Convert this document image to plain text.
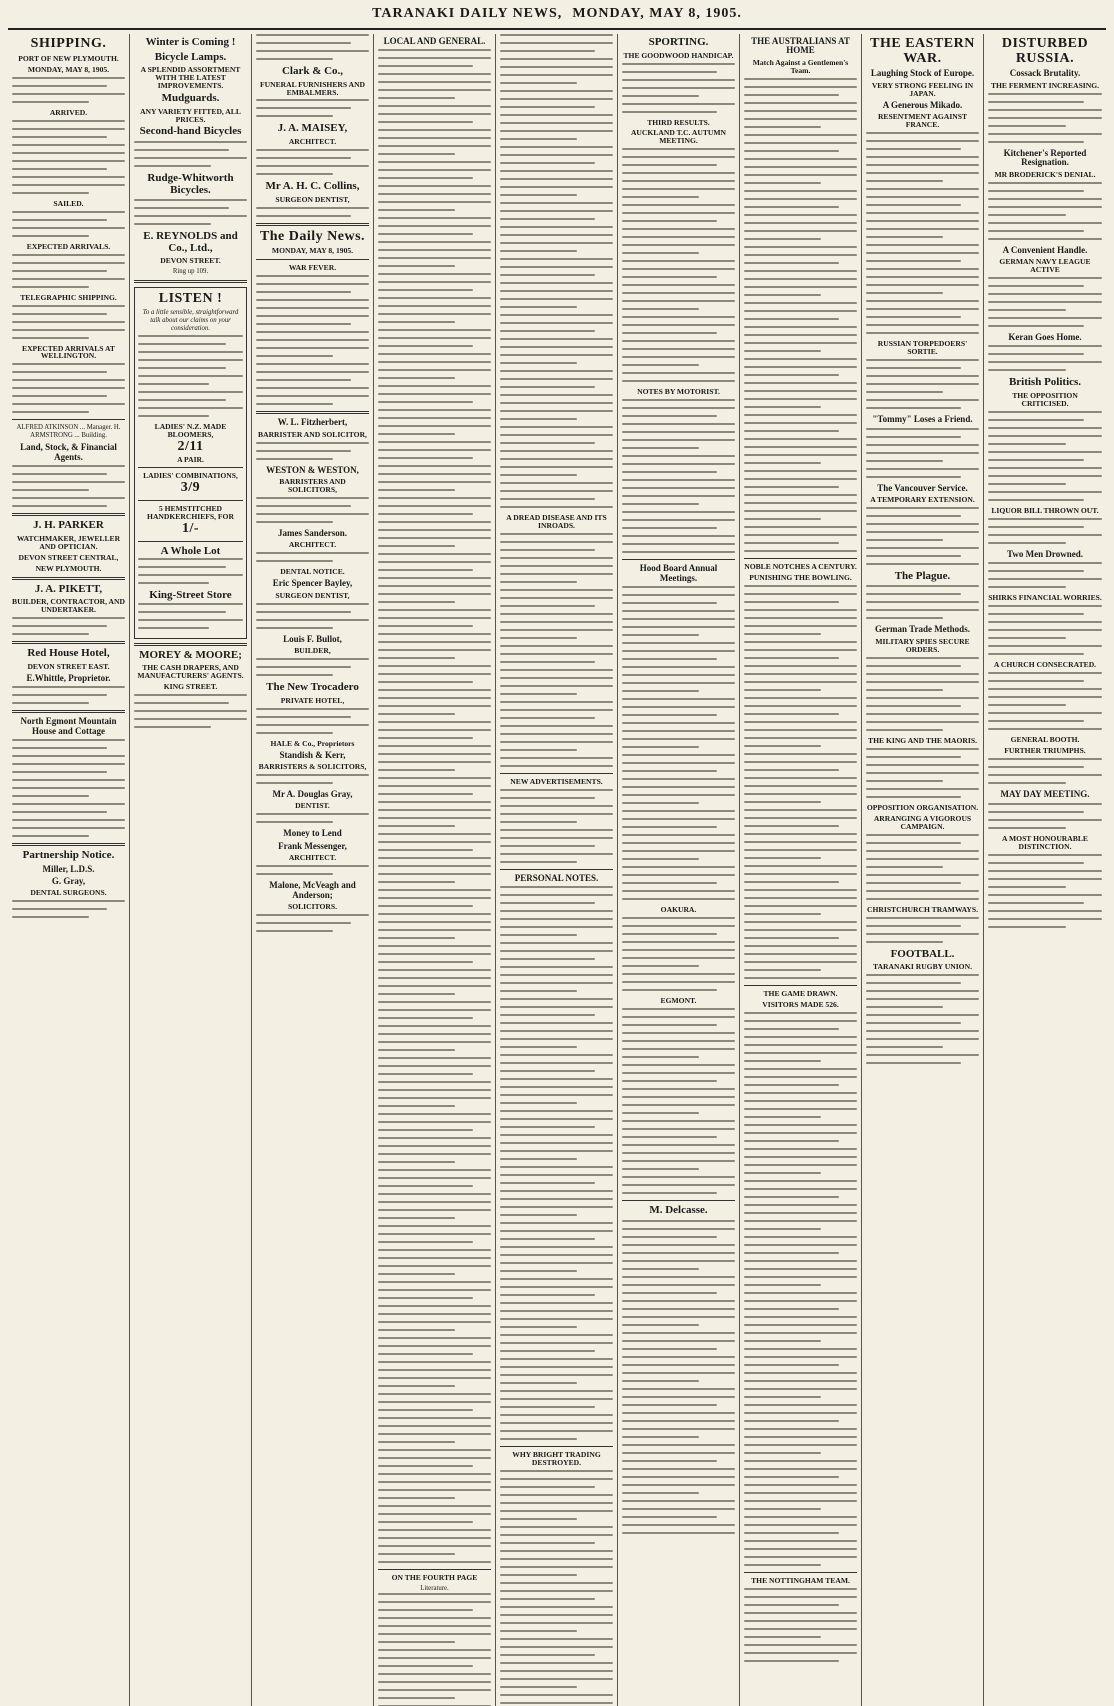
TARANAKI DAILY NEWS, MONDAY, MAY 8, 1905.
SHIPPING.
PORT OF NEW PLYMOUTH.
MONDAY, MAY 8, 1905.
ARRIVED.
SAILED.
EXPECTED ARRIVALS.
TELEGRAPHIC SHIPPING.
EXPECTED ARRIVALS AT WELLINGTON.
ALFRED ATKINSON ... Manager. H. ARMSTRONG ... Building.
Land, Stock, & Financial Agents.
J. H. PARKER
WATCHMAKER, JEWELLER AND OPTICIAN.
DEVON STREET CENTRAL,
NEW PLYMOUTH.
J. A. PIKETT,
BUILDER, CONTRACTOR, AND UNDERTAKER.
Red House Hotel,
DEVON STREET EAST.
E.Whittle, Proprietor.
North Egmont Mountain House and Cottage
Partnership Notice.
Miller, L.D.S.
G. Gray,
DENTAL SURGEONS.
Winter is Coming !
Bicycle Lamps.
A SPLENDID ASSORTMENT WITH THE LATEST IMPROVEMENTS.
Mudguards.
ANY VARIETY FITTED, ALL PRICES.
Second-hand Bicycles
Rudge-Whitworth Bicycles.
E. REYNOLDS and Co., Ltd.,
DEVON STREET.
Ring up 109.
LISTEN !
To a little sensible, straightforward talk about our claims on your consideration.
LADIES' N.Z. MADE BLOOMERS,
2/11
A PAIR.
LADIES' COMBINATIONS,
3/9
5 HEMSTITCHED HANDKERCHIEFS, FOR
1/-
A Whole Lot
King-Street Store
MOREY & MOORE;
THE CASH DRAPERS, AND MANUFACTURERS' AGENTS.
KING STREET.
Clark & Co.,
FUNERAL FURNISHERS AND EMBALMERS.
J. A. MAISEY,
ARCHITECT.
Mr A. H. C. Collins,
SURGEON DENTIST,
The Daily News.
MONDAY, MAY 8, 1905.
WAR FEVER.
W. L. Fitzherbert,
BARRISTER AND SOLICITOR,
WESTON & WESTON,
BARRISTERS AND SOLICITORS,
James Sanderson.
ARCHITECT.
DENTAL NOTICE.
Eric Spencer Bayley,
SURGEON DENTIST,
Louis F. Bullot,
BUILDER,
The New Trocadero
PRIVATE HOTEL,
HALE & Co., Proprietors
Standish & Kerr,
BARRISTERS & SOLICITORS,
Mr A. Douglas Gray,
DENTIST.
Money to Lend
Frank Messenger,
ARCHITECT.
Malone, McVeagh and Anderson;
SOLICITORS.
LOCAL AND GENERAL.
ON THE FOURTH PAGE
Literature.
A DREAD DISEASE AND ITS INROADS.
NEW ADVERTISEMENTS.
PERSONAL NOTES.
WHY BRIGHT TRADING DESTROYED.
SPORTING.
THE GOODWOOD HANDICAP.
THIRD RESULTS.
AUCKLAND T.C. AUTUMN MEETING.
NOTES BY MOTORIST.
Hood Board Annual Meetings.
OAKURA.
EGMONT.
M. Delcasse.
THE AUSTRALIANS AT HOME
Match Against a Gentlemen's Team.
NOBLE NOTCHES A CENTURY.
PUNISHING THE BOWLING.
THE GAME DRAWN.
VISITORS MADE 526.
THE NOTTINGHAM TEAM.
THE EASTERN WAR.
Laughing Stock of Europe.
VERY STRONG FEELING IN JAPAN.
A Generous Mikado.
RESENTMENT AGAINST FRANCE.
RUSSIAN TORPEDOERS' SORTIE.
"Tommy" Loses a Friend.
The Vancouver Service.
A TEMPORARY EXTENSION.
The Plague.
German Trade Methods.
MILITARY SPIES SECURE ORDERS.
THE KING AND THE MAORIS.
OPPOSITION ORGANISATION.
ARRANGING A VIGOROUS CAMPAIGN.
CHRISTCHURCH TRAMWAYS.
FOOTBALL.
TARANAKI RUGBY UNION.
DISTURBED RUSSIA.
Cossack Brutality.
THE FERMENT INCREASING.
Kitchener's Reported Resignation.
MR BRODERICK'S DENIAL.
A Convenient Handle.
GERMAN NAVY LEAGUE ACTIVE
Keran Goes Home.
British Politics.
THE OPPOSITION CRITICISED.
LIQUOR BILL THROWN OUT.
Two Men Drowned.
SHIRKS FINANCIAL WORRIES.
A CHURCH CONSECRATED.
GENERAL BOOTH.
FURTHER TRIUMPHS.
MAY DAY MEETING.
A MOST HONOURABLE DISTINCTION.
